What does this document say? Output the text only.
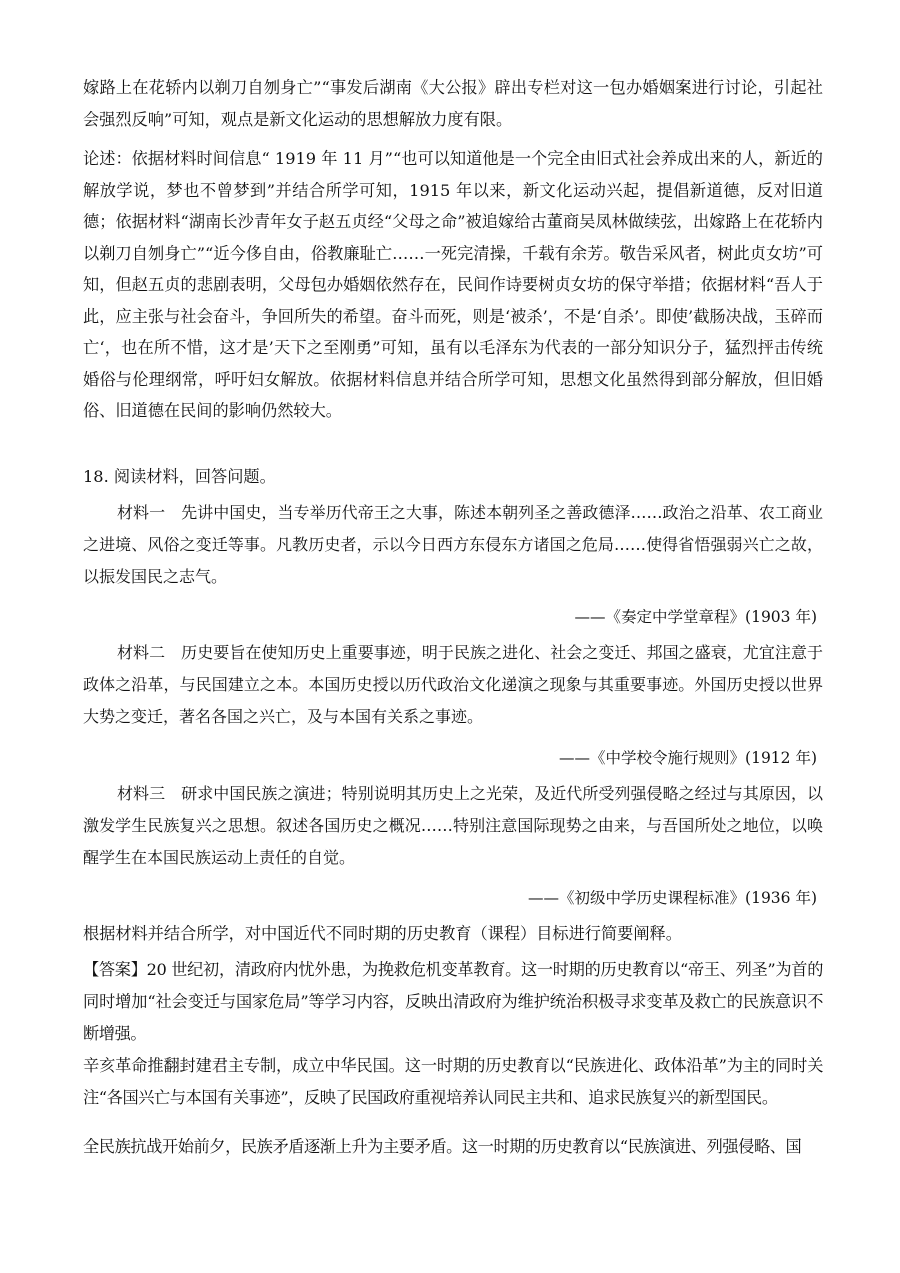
嫁路上在花轿内以剃刀自刎身亡”“事发后湖南《大公报》辟出专栏对这一包办婚姻案进行讨论，引起社会强烈反响”可知，观点是新文化运动的思想解放力度有限。
论述：依据材料时间信息“ 1919 年 11 月”“也可以知道他是一个完全由旧式社会养成出来的人，新近的解放学说，梦也不曾梦到”并结合所学可知，1915 年以来，新文化运动兴起，提倡新道德，反对旧道德；依据材料“湖南长沙青年女子赵五贞经“父母之命”被追嫁给古董商吴凤林做续弦，出嫁路上在花轿内以剃刀自刎身亡”“近今侈自由，俗教廉耻亡……一死完清操，千载有余芳。敬告采风者，树此贞女坊”可知，但赵五贞的悲剧表明，父母包办婚姻依然存在，民间作诗要树贞女坊的保守举措；依据材料“吾人于此，应主张与社会奋斗，争回所失的希望。奋斗而死，则是‘被杀’，不是‘自杀’。即使’截肠决战，玉碎而亡‘，也在所不惜，这才是’天下之至刚勇”可知，虽有以毛泽东为代表的一部分知识分子，猛烈抨击传统婚俗与伦理纲常，呼吁妇女解放。依据材料信息并结合所学可知，思想文化虽然得到部分解放，但旧婚俗、旧道德在民间的影响仍然较大。
18. 阅读材料，回答问题。
材料一　先讲中国史，当专举历代帝王之大事，陈述本朝列圣之善政德泽……政治之沿革、农工商业之进境、风俗之变迁等事。凡教历史者，示以今日西方东侵东方诸国之危局……使得省悟强弱兴亡之故，以振发国民之志气。
——《奏定中学堂章程》(1903 年)
材料二　历史要旨在使知历史上重要事迹，明于民族之进化、社会之变迁、邦国之盛衰，尤宜注意于政体之沿革，与民国建立之本。本国历史授以历代政治文化递演之现象与其重要事迹。外国历史授以世界大势之变迁，著名各国之兴亡，及与本国有关系之事迹。
——《中学校令施行规则》(1912 年)
材料三　研求中国民族之演进；特别说明其历史上之光荣，及近代所受列强侵略之经过与其原因，以激发学生民族复兴之思想。叙述各国历史之概况……特别注意国际现势之由来，与吾国所处之地位，以唤醒学生在本国民族运动上责任的自觉。
——《初级中学历史课程标准》(1936 年)
根据材料并结合所学，对中国近代不同时期的历史教育（课程）目标进行简要阐释。
【答案】20 世纪初，清政府内忧外患，为挽救危机变革教育。这一时期的历史教育以“帝王、列圣”为首的同时增加“社会变迁与国家危局”等学习内容，反映出清政府为维护统治积极寻求变革及救亡的民族意识不断增强。
辛亥革命推翻封建君主专制，成立中华民国。这一时期的历史教育以“民族进化、政体沿革”为主的同时关注“各国兴亡与本国有关事迹”，反映了民国政府重视培养认同民主共和、追求民族复兴的新型国民。
全民族抗战开始前夕，民族矛盾逐渐上升为主要矛盾。这一时期的历史教育以“民族演进、列强侵略、国
